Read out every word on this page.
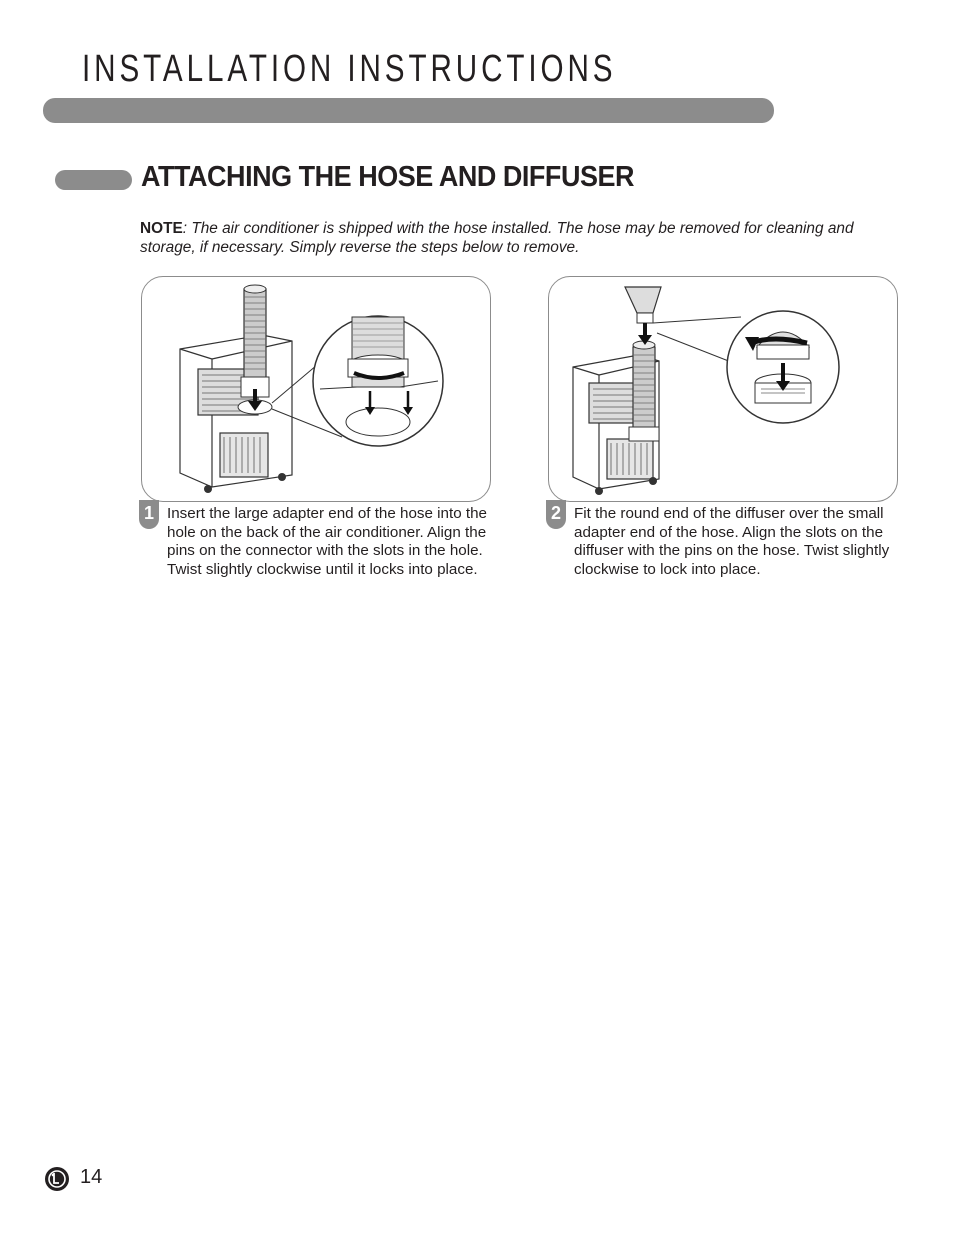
INSTALLATION INSTRUCTIONS
ATTACHING THE HOSE AND DIFFUSER
NOTE: The air conditioner is shipped with the hose installed. The hose may be removed for cleaning and storage, if necessary. Simply reverse the steps below to remove.
1 Insert the large adapter end of the hose into the hole on the back of the air conditioner. Align the pins on the connector with the slots in the hole. Twist slightly clockwise until it locks into place.
2 Fit the round end of the diffuser over the small adapter end of the hose. Align the slots on the diffuser with the pins on the hose. Twist slightly clockwise to lock into place.
14
